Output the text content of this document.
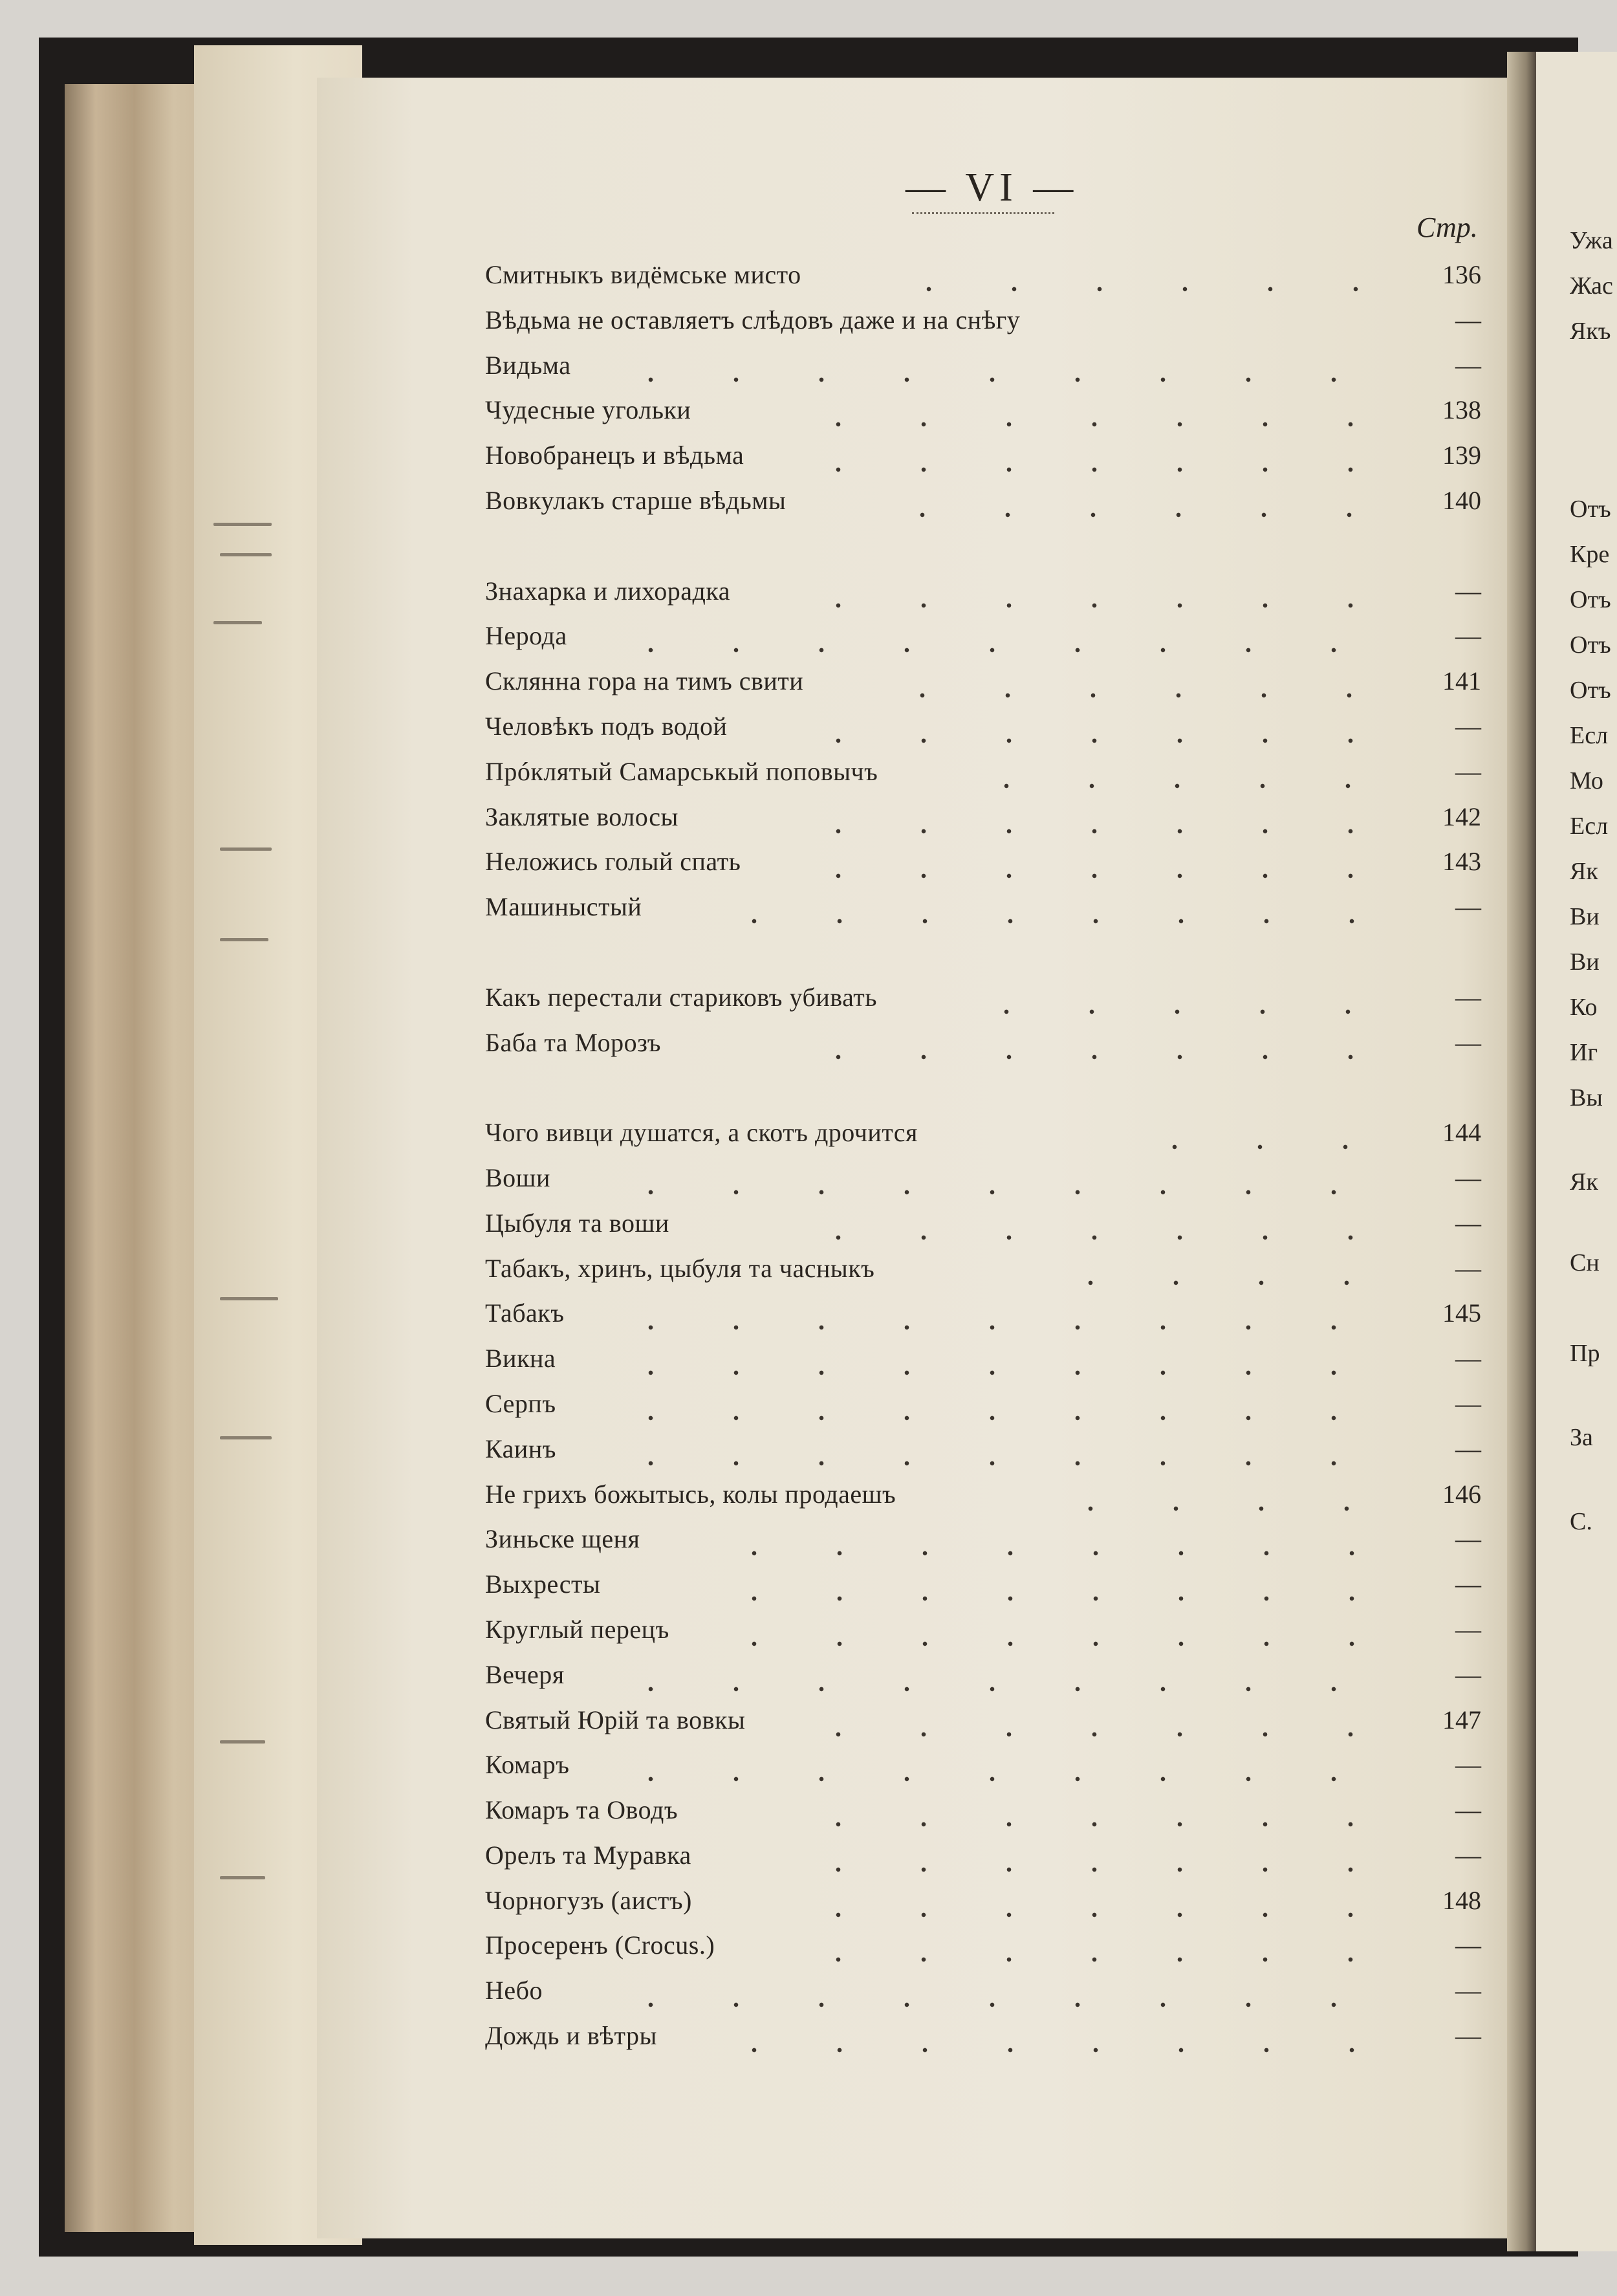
Ужа
Жас
Якъ
Отъ
Кре
Отъ
Отъ
Отъ
Есл
Мо
Есл
Як
Ви
Ви
Ко
Иг
Вы
Як
Сн
Пр
За
С.
— VI —
Стр.
Смитныкъ видёмське мисто	136
Вѣдьма не оставляетъ слѣдовъ даже и на снѣгу	—
Видьма	—
Чудесные угольки	138
Новобранецъ и вѣдьма	139
Вовкулакъ старше вѣдьмы	140
Знахарка и лихорадка	—
Нерода	—
Склянна гора на тимъ свити	141
Человѣкъ подъ водой	—
Прóклятый Самарськый поповычъ	—
Заклятые волосы	142
Неложись голый спать	143
Машиныстый	—
Какъ перестали стариковъ убивать	—
Баба та Морозъ	—
Чого вивци душатся, а скотъ дрочится	144
Воши	—
Цыбуля та воши	—
Табакъ, хринъ, цыбуля та часныкъ	—
Табакъ	145
Викна	—
Серпъ	—
Каинъ	—
Не грихъ божытысь, колы продаешъ	146
Зиньске щеня	—
Выхресты	—
Круглый перецъ	—
Вечеря	—
Святый Юрій та вовкы	147
Комаръ	—
Комаръ та Оводъ	—
Орелъ та Муравка	—
Чорногузъ (аистъ)	148
Просеренъ (Crocus.)	—
Небо	—
Дождь и вѣтры	—
